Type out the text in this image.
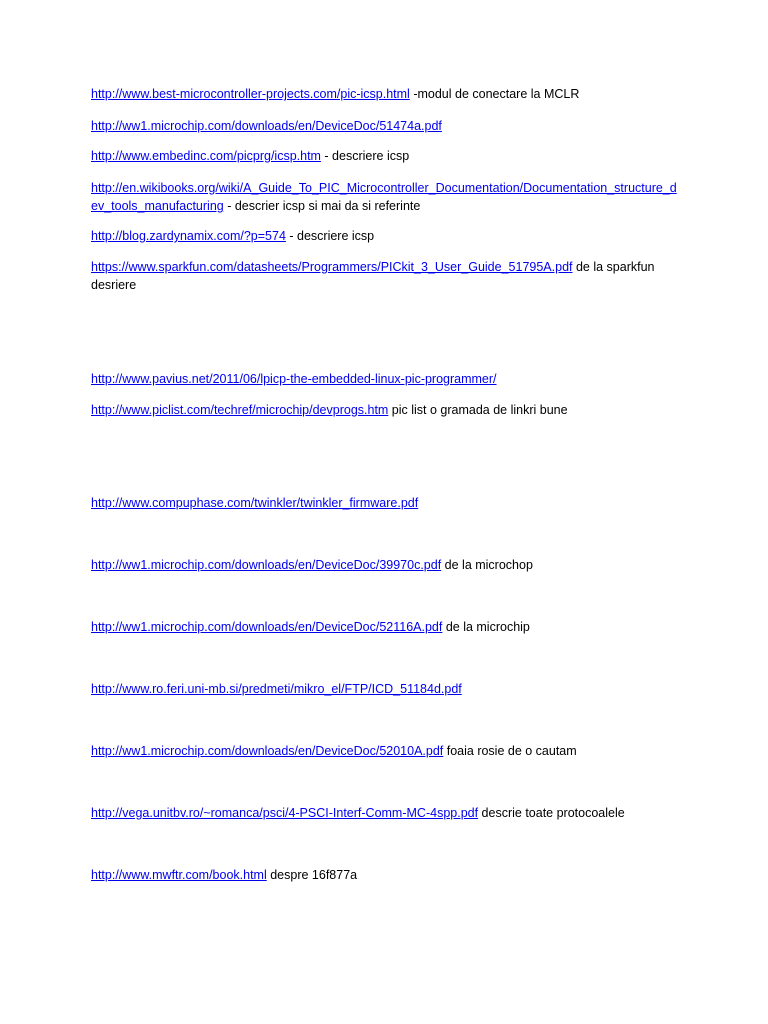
http://www.best-microcontroller-projects.com/pic-icsp.html -modul de conectare la MCLR
http://ww1.microchip.com/downloads/en/DeviceDoc/51474a.pdf
http://www.embedinc.com/picprg/icsp.htm - descriere icsp
http://en.wikibooks.org/wiki/A_Guide_To_PIC_Microcontroller_Documentation/Documentation_structure_dev_tools_manufacturing - descrier icsp si mai da si referinte
http://blog.zardynamix.com/?p=574 - descriere icsp
https://www.sparkfun.com/datasheets/Programmers/PICkit_3_User_Guide_51795A.pdf de la sparkfun desriere
http://www.pavius.net/2011/06/lpicp-the-embedded-linux-pic-programmer/
http://www.piclist.com/techref/microchip/devprogs.htm pic list o gramada de linkri bune
http://www.compuphase.com/twinkler/twinkler_firmware.pdf
http://ww1.microchip.com/downloads/en/DeviceDoc/39970c.pdf de la microchop
http://ww1.microchip.com/downloads/en/DeviceDoc/52116A.pdf de la microchip
http://www.ro.feri.uni-mb.si/predmeti/mikro_el/FTP/ICD_51184d.pdf
http://ww1.microchip.com/downloads/en/DeviceDoc/52010A.pdf foaia rosie de o cautam
http://vega.unitbv.ro/~romanca/psci/4-PSCI-Interf-Comm-MC-4spp.pdf descrie toate protocoalele
http://www.mwftr.com/book.html despre 16f877a
